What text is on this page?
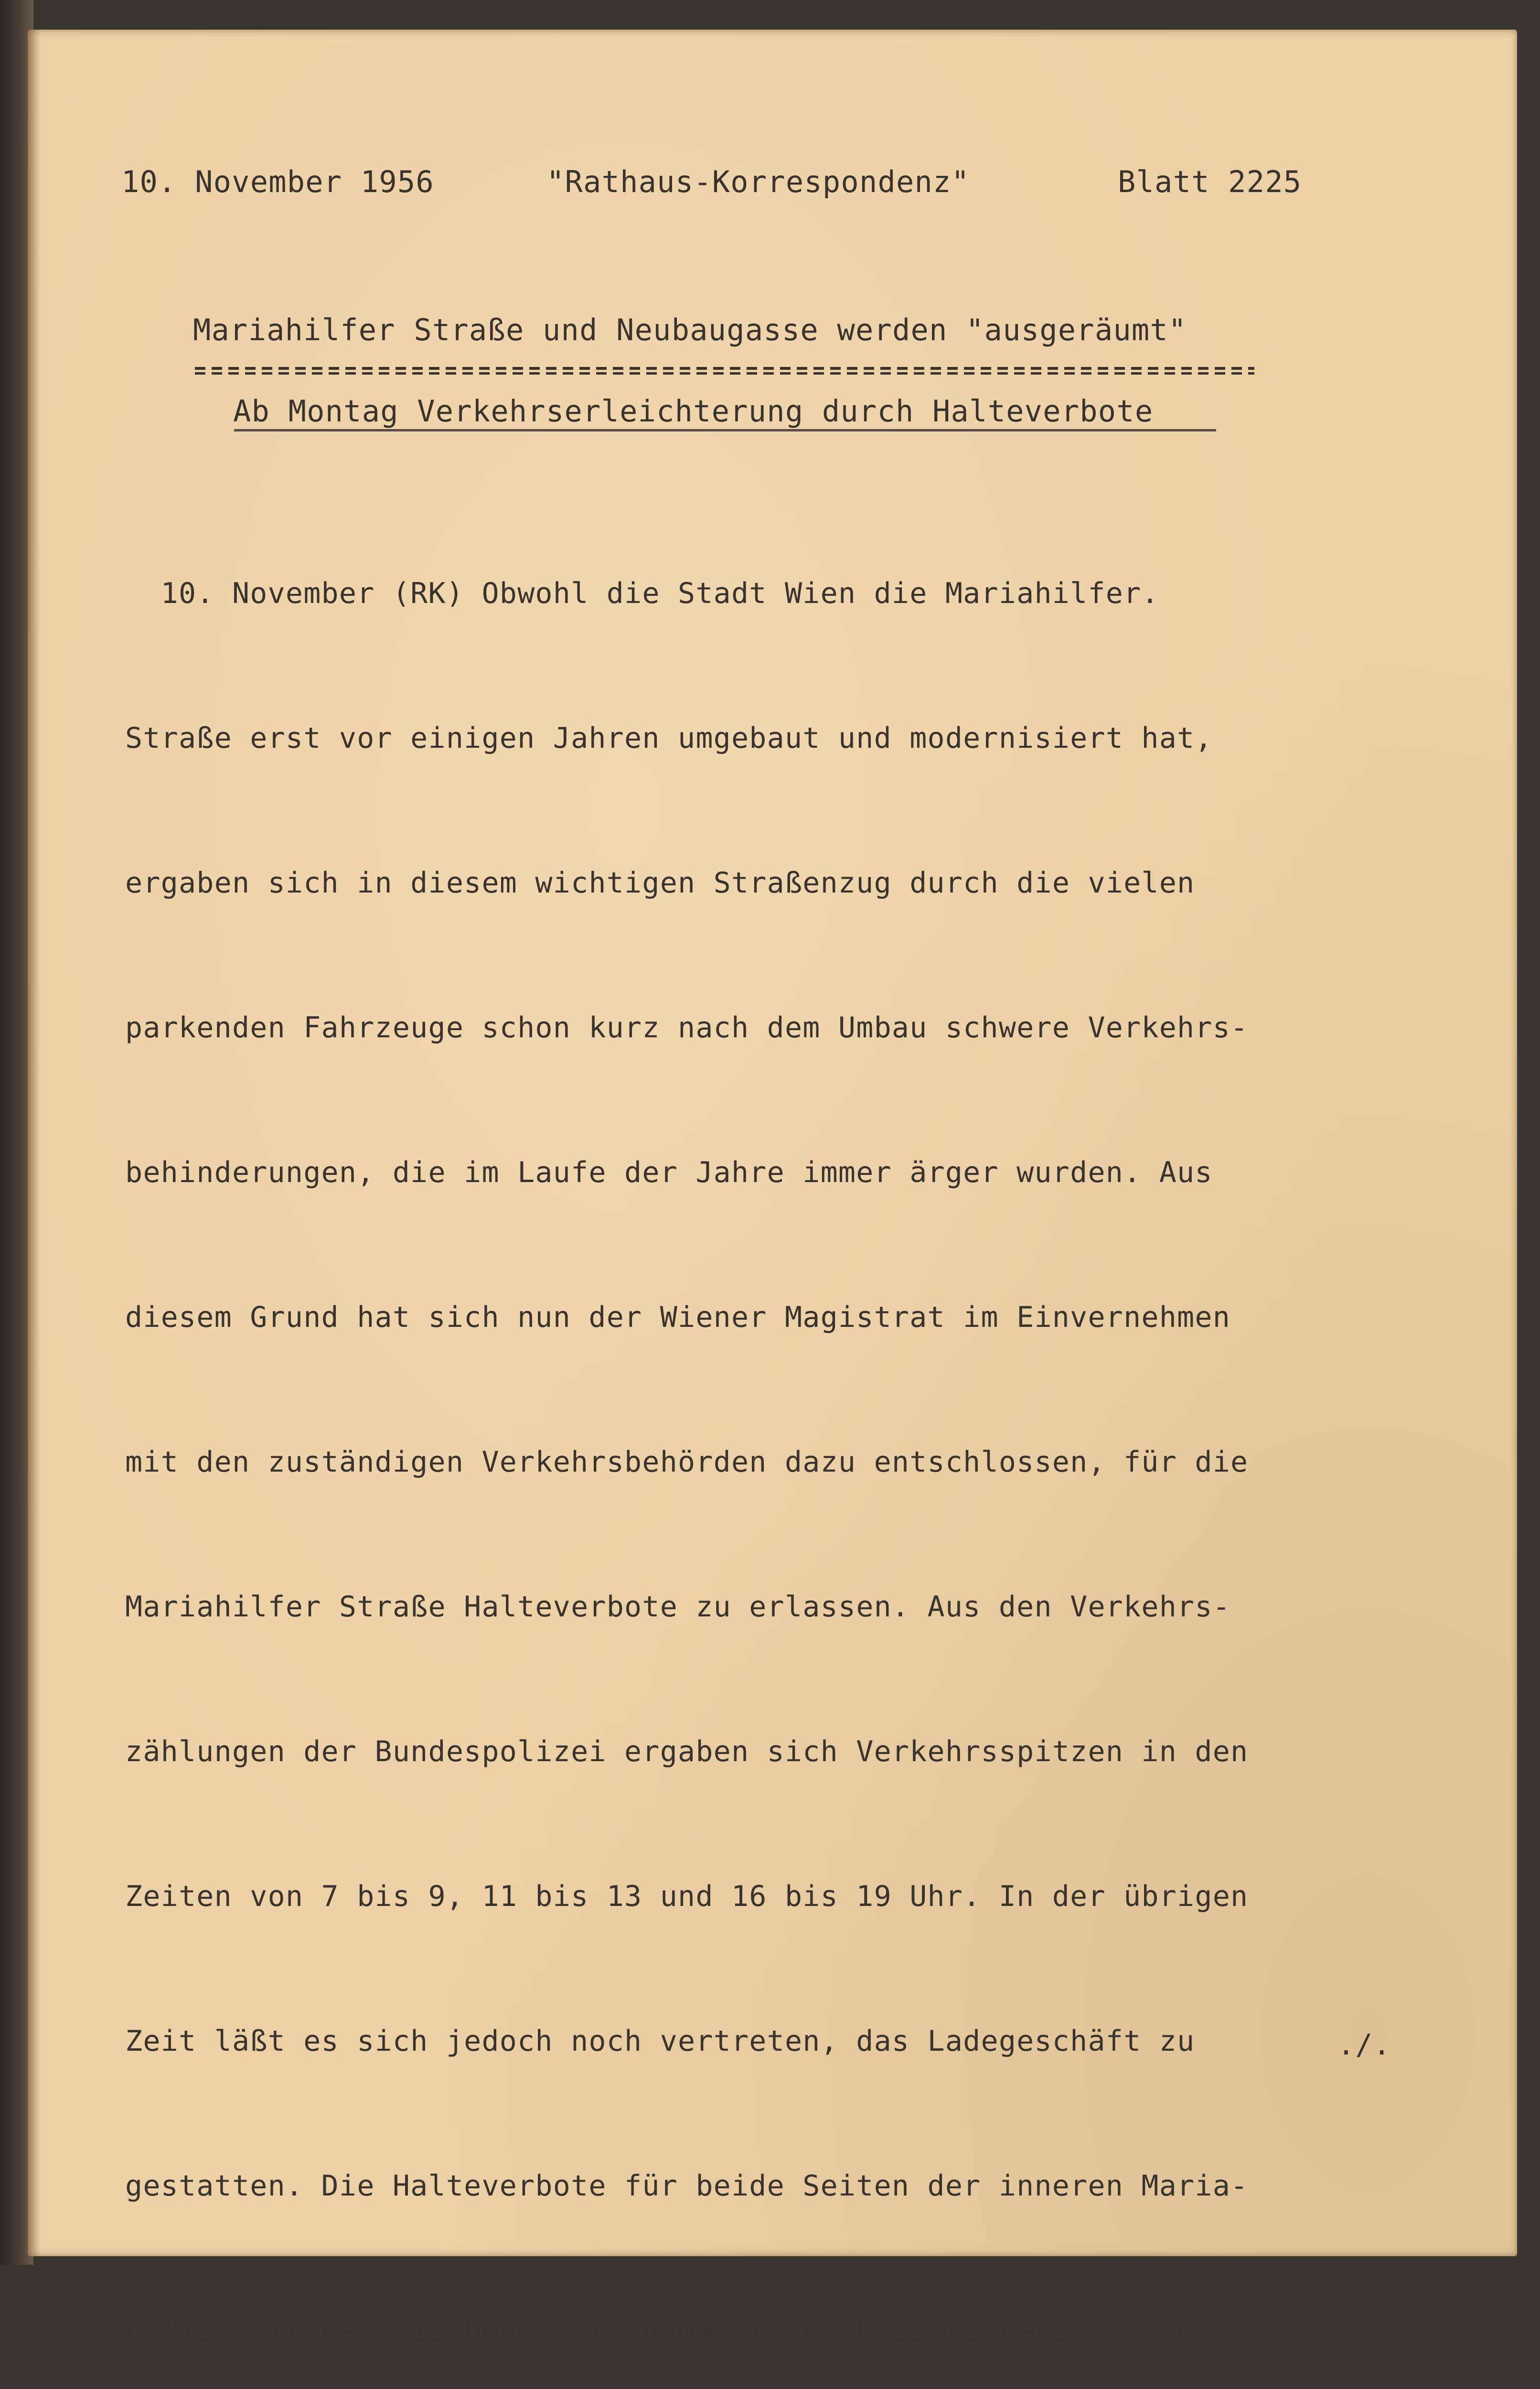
10. November 1956	"Rathaus-Korrespondenz"	Blatt 2225
Mariahilfer Straße und Neubaugasse werden "ausgeräumt"
Ab Montag Verkehrserleichterung durch Halteverbote

10. November (RK) Obwohl die Stadt Wien die Mariahilfer.

Straße erst vor einigen Jahren umgebaut und modernisiert hat,

ergaben sich in diesem wichtigen Straßenzug durch die vielen

parkenden Fahrzeuge schon kurz nach dem Umbau schwere Verkehrs-

behinderungen, die im Laufe der Jahre immer ärger wurden. Aus

diesem Grund hat sich nun der Wiener Magistrat im Einvernehmen

mit den zuständigen Verkehrsbehörden dazu entschlossen, für die

Mariahilfer Straße Halteverbote zu erlassen. Aus den Verkehrs-

zählungen der Bundespolizei ergaben sich Verkehrsspitzen in den

Zeiten von 7 bis 9, 11 bis 13 und 16 bis 19 Uhr. In der übrigen

Zeit läßt es sich jedoch noch vertreten, das Ladegeschäft zu

gestatten. Die Halteverbote für beide Seiten der inneren Maria-

hilfer Straße zwischen Getreidemarkt und Kaiserstraße wurden

./.
